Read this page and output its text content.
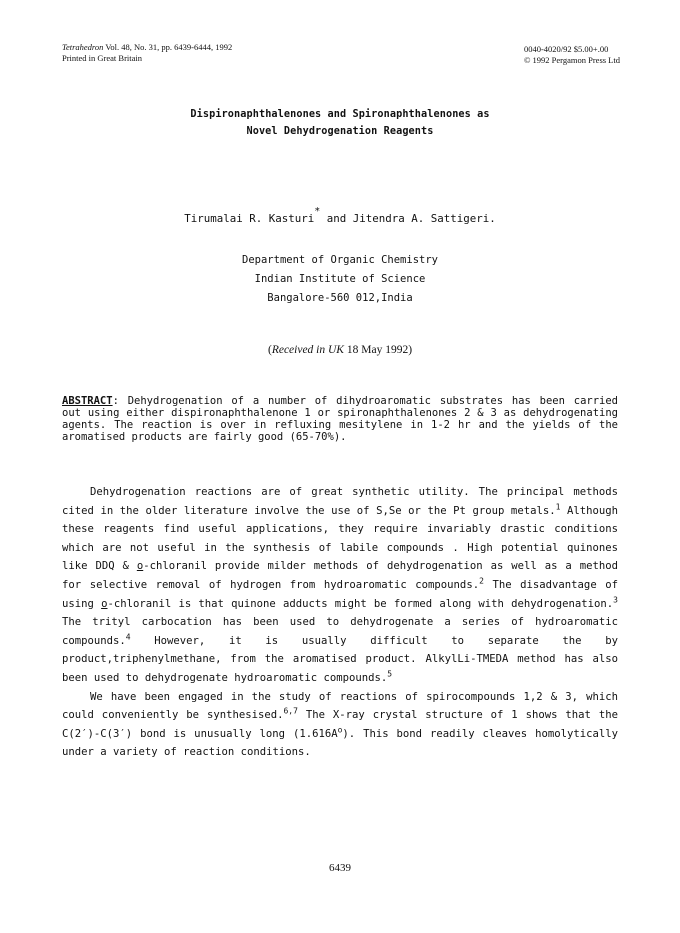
Tetrahedron Vol. 48, No. 31, pp. 6439-6444, 1992
Printed in Great Britain
0040-4020/92 $5.00+.00
© 1992 Pergamon Press Ltd
Dispironaphthalenones and Spironaphthalenones as
Novel Dehydrogenation Reagents
Tirumalai R. Kasturi* and Jitendra A. Sattigeri.
Department of Organic Chemistry
Indian Institute of Science
Bangalore-560 012,India
(Received in UK 18 May 1992)
ABSTRACT: Dehydrogenation of a number of dihydroaromatic substrates has been carried out using either dispironaphthalenone 1 or spironaphthalenones 2 & 3 as dehydrogenating agents. The reaction is over in refluxing mesitylene in 1-2 hr and the yields of the aromatised products are fairly good (65-70%).

Dehydrogenation reactions are of great synthetic utility. The principal methods cited in the older literature involve the use of S,Se or the Pt group metals.$^1$ Although these reagents find useful applications, they require invariably drastic conditions which are not useful in the synthesis of labile compounds . High potential quinones like DDQ & o-chloranil provide milder methods of dehydrogenation as well as a method for selective removal of hydrogen from hydroaromatic compounds.$^2$ The disadvantage of using o-chloranil is that quinone adducts might be formed along with dehydrogenation.$^3$ The trityl carbocation has been used to dehydrogenate a series of hydroaromatic compounds.$^4$ However, it is usually difficult to separate the by product,triphenylmethane, from the aromatised product. AlkylLi-TMEDA method has also been used to dehydrogenate hydroaromatic compounds.$^5$

We have been engaged in the study of reactions of spirocompounds 1,2 & 3, which could conveniently be synthesised.$^{6,7}$ The X-ray crystal structure of 1 shows that the C(2′)-C(3′) bond is unusually long $(1.616A^o)$. This bond readily cleaves homolytically under a variety of reaction conditions.

6439
